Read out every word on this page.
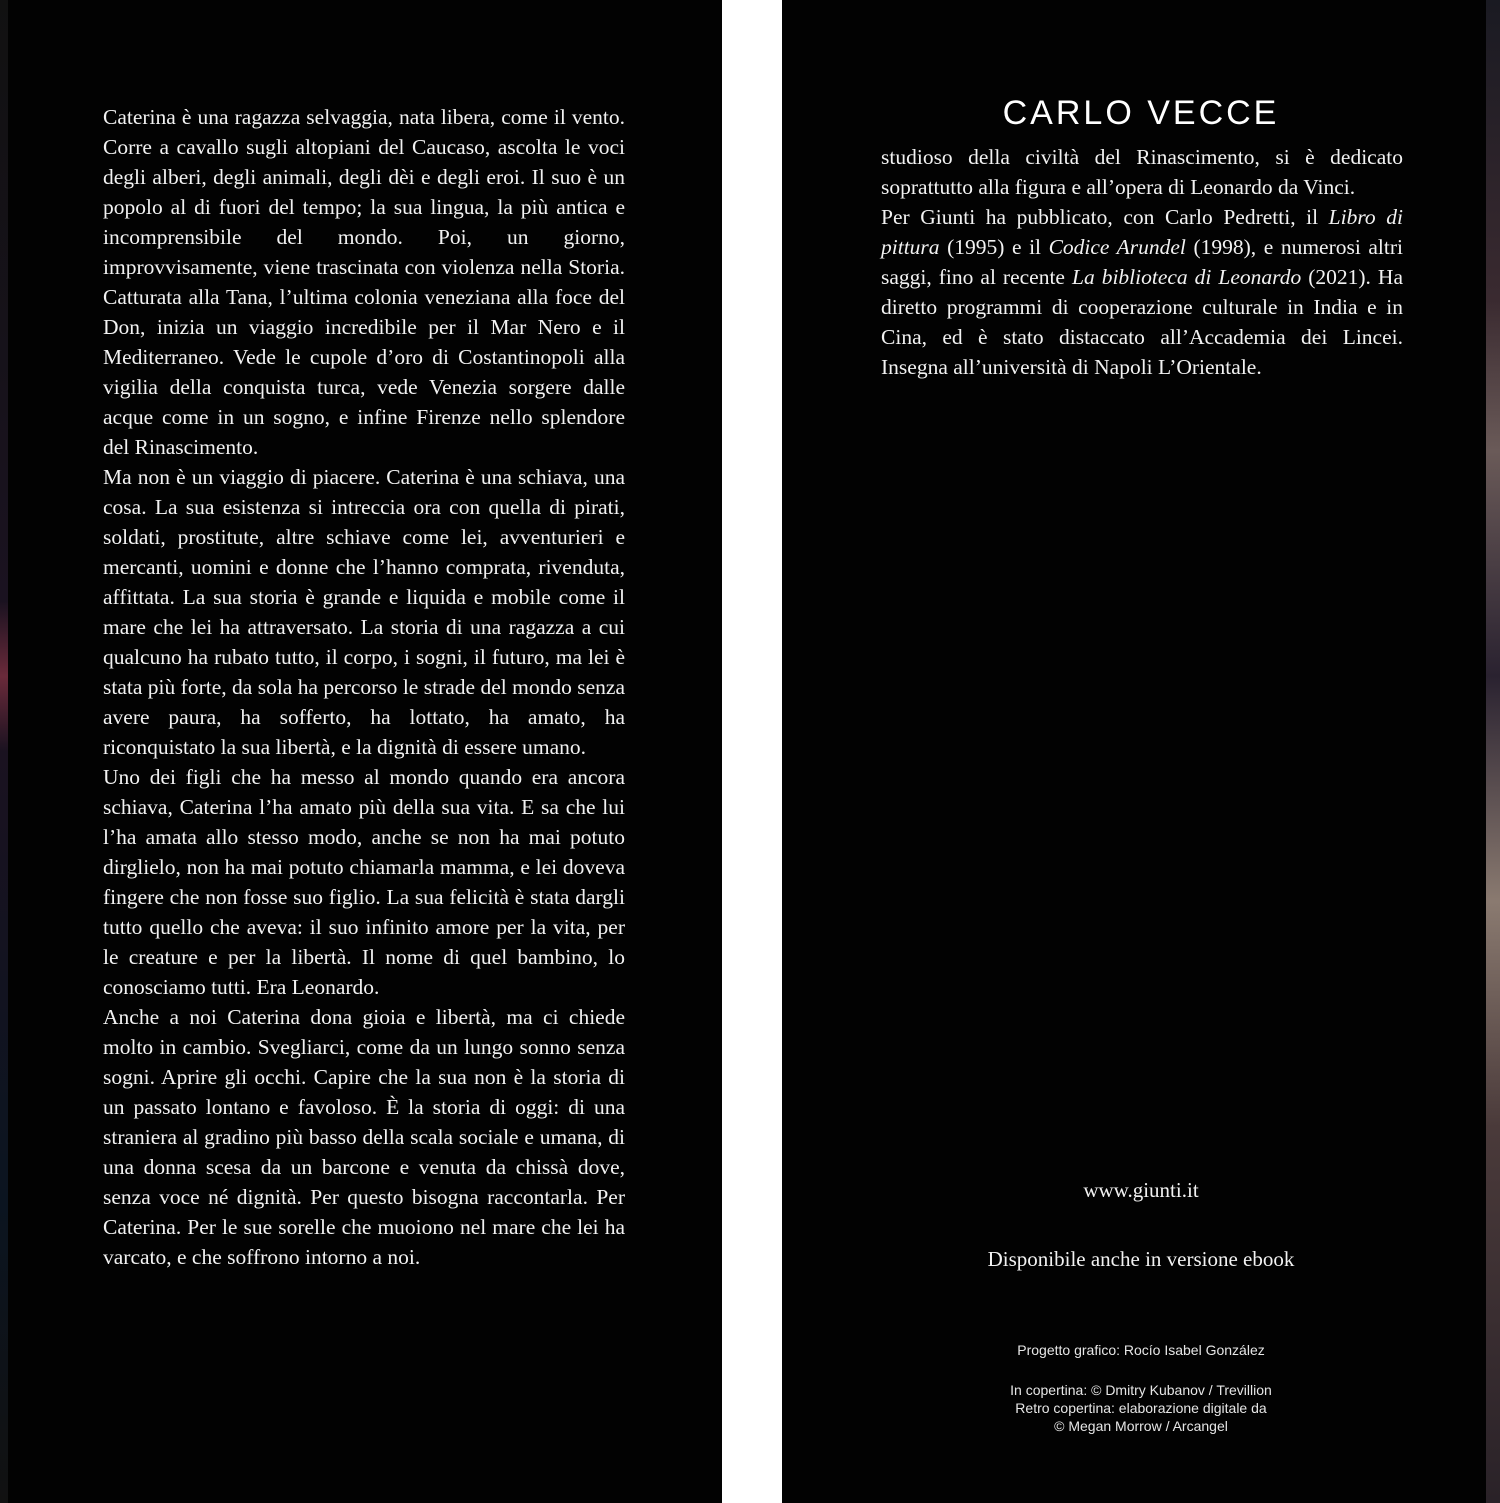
Caterina è una ragazza selvaggia, nata libera, come il vento. Corre a cavallo sugli altopiani del Caucaso, ascolta le voci degli alberi, degli animali, degli dèi e degli eroi. Il suo è un popolo al di fuori del tempo; la sua lingua, la più antica e incomprensibile del mondo. Poi, un giorno, improvvisamente, viene trascinata con violenza nella Storia. Catturata alla Tana, l’ultima colonia veneziana alla foce del Don, inizia un viaggio incredibile per il Mar Nero e il Mediterraneo. Vede le cupole d’oro di Costantinopoli alla vigilia della conquista turca, vede Venezia sorgere dalle acque come in un sogno, e infine Firenze nello splendore del Rinascimento.

Ma non è un viaggio di piacere. Caterina è una schiava, una cosa. La sua esistenza si intreccia ora con quella di pirati, soldati, prostitute, altre schiave come lei, avventurieri e mercanti, uomini e donne che l’hanno comprata, rivenduta, affittata. La sua storia è grande e liquida e mobile come il mare che lei ha attraversato. La storia di una ragazza a cui qualcuno ha rubato tutto, il corpo, i sogni, il futuro, ma lei è stata più forte, da sola ha percorso le strade del mondo senza avere paura, ha sofferto, ha lottato, ha amato, ha riconquistato la sua libertà, e la dignità di essere umano.

Uno dei figli che ha messo al mondo quando era ancora schiava, Caterina l’ha amato più della sua vita. E sa che lui l’ha amata allo stesso modo, anche se non ha mai potuto dirglielo, non ha mai potuto chiamarla mamma, e lei doveva fingere che non fosse suo figlio. La sua felicità è stata dargli tutto quello che aveva: il suo infinito amore per la vita, per le creature e per la libertà. Il nome di quel bambino, lo conosciamo tutti. Era Leonardo.

Anche a noi Caterina dona gioia e libertà, ma ci chiede molto in cambio. Svegliarci, come da un lungo sonno senza sogni. Aprire gli occhi. Capire che la sua non è la storia di un passato lontano e favoloso. È la storia di oggi: di una straniera al gradino più basso della scala sociale e umana, di una donna scesa da un barcone e venuta da chissà dove, senza voce né dignità. Per questo bisogna raccontarla. Per Caterina. Per le sue sorelle che muoiono nel mare che lei ha varcato, e che soffrono intorno a noi.

CARLO VECCE

studioso della civiltà del Rinascimento, si è dedicato soprattutto alla figura e all’opera di Leonardo da Vinci.

Per Giunti ha pubblicato, con Carlo Pedretti, il Libro di pittura (1995) e il Codice Arundel (1998), e numerosi altri saggi, fino al recente La biblioteca di Leonardo (2021). Ha diretto programmi di cooperazione culturale in India e in Cina, ed è stato distaccato all’Accademia dei Lincei. Insegna all’università di Napoli L’Orientale.

www.giunti.it
Disponibile anche in versione ebook
Progetto grafico: Rocío Isabel González
In copertina: © Dmitry Kubanov / Trevillion
Retro copertina: elaborazione digitale da
© Megan Morrow / Arcangel
